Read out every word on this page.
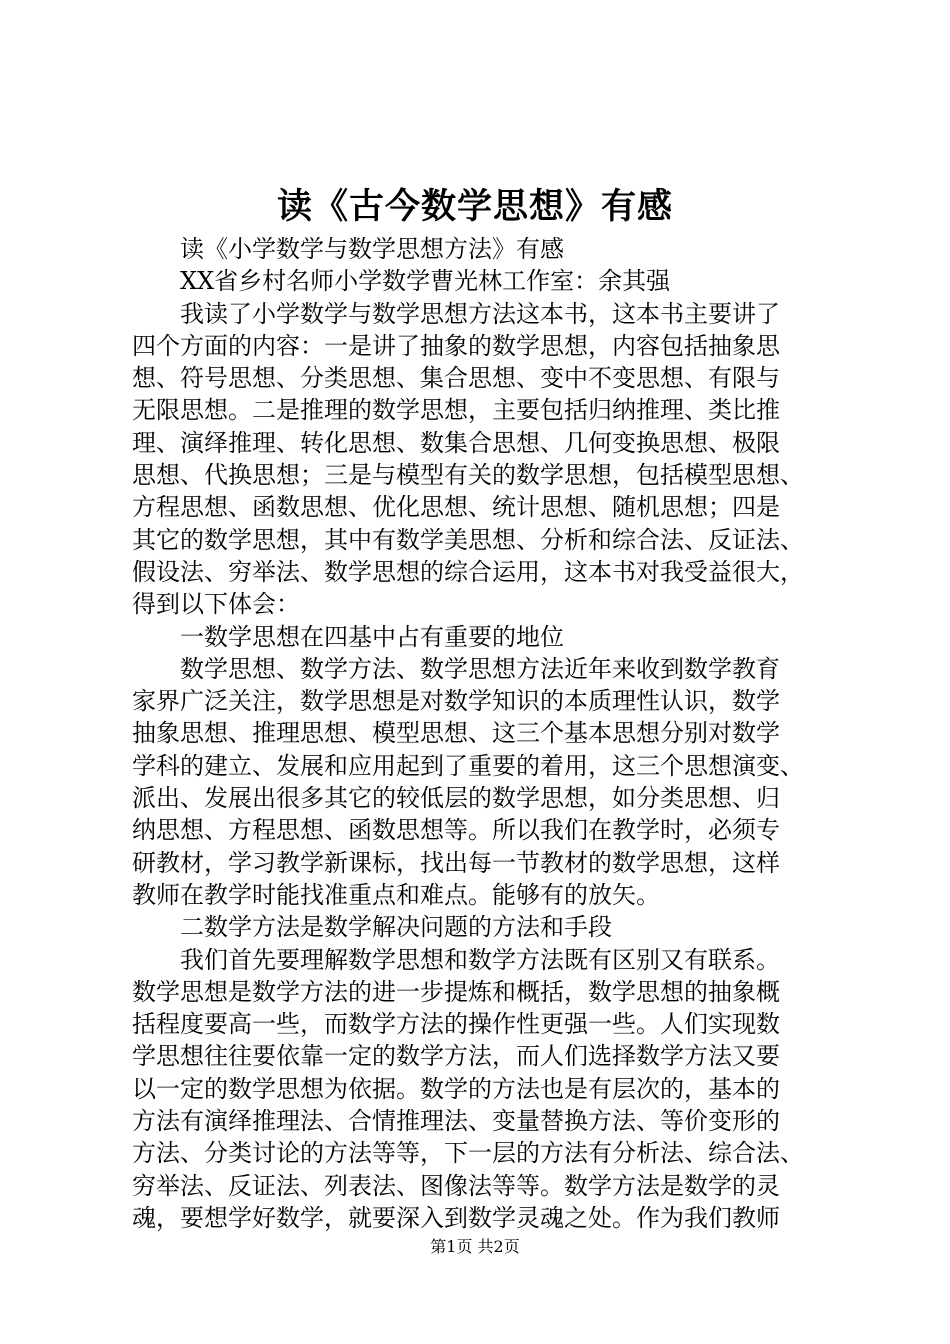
读《古今数学思想》有感
读《小学数学与数学思想方法》有感
XX省乡村名师小学数学曹光林工作室：余其强
我读了小学数学与数学思想方法这本书，这本书主要讲了
四个方面的内容：一是讲了抽象的数学思想，内容包括抽象思
想、符号思想、分类思想、集合思想、变中不变思想、有限与
无限思想。二是推理的数学思想，主要包括归纳推理、类比推
理、演绎推理、转化思想、数集合思想、几何变换思想、极限
思想、代换思想；三是与模型有关的数学思想，包括模型思想、
方程思想、函数思想、优化思想、统计思想、随机思想；四是
其它的数学思想，其中有数学美思想、分析和综合法、反证法、
假设法、穷举法、数学思想的综合运用，这本书对我受益很大，
得到以下体会：
一数学思想在四基中占有重要的地位
数学思想、数学方法、数学思想方法近年来收到数学教育
家界广泛关注，数学思想是对数学知识的本质理性认识，数学
抽象思想、推理思想、模型思想、这三个基本思想分别对数学
学科的建立、发展和应用起到了重要的着用，这三个思想演变、
派出、发展出很多其它的较低层的数学思想，如分类思想、归
纳思想、方程思想、函数思想等。所以我们在教学时，必须专
研教材，学习教学新课标，找出每一节教材的数学思想，这样
教师在教学时能找准重点和难点。能够有的放矢。
二数学方法是数学解决问题的方法和手段
我们首先要理解数学思想和数学方法既有区别又有联系。
数学思想是数学方法的进一步提炼和概括，数学思想的抽象概
括程度要高一些，而数学方法的操作性更强一些。人们实现数
学思想往往要依靠一定的数学方法，而人们选择数学方法又要
以一定的数学思想为依据。数学的方法也是有层次的，基本的
方法有演绎推理法、合情推理法、变量替换方法、等价变形的
方法、分类讨论的方法等等，下一层的方法有分析法、综合法、
穷举法、反证法、列表法、图像法等等。数学方法是数学的灵
魂，要想学好数学，就要深入到数学灵魂之处。作为我们教师
第1页 共2页
